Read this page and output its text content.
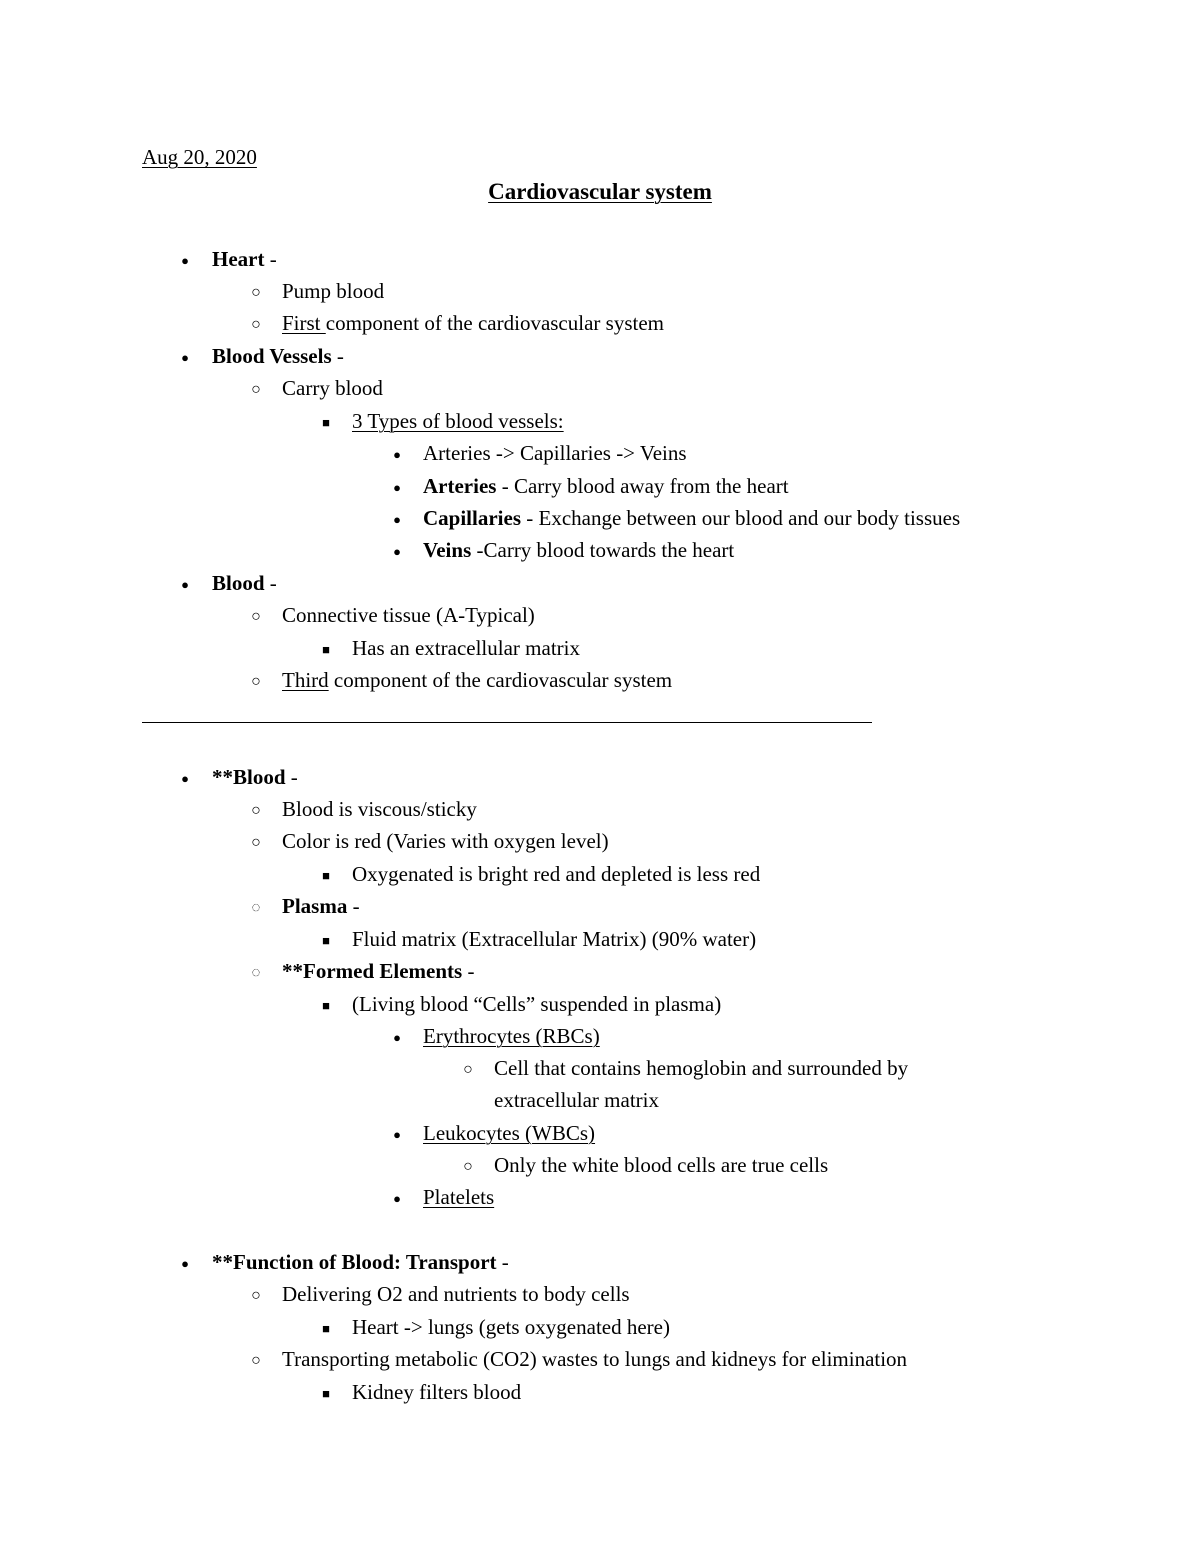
Aug 20, 2020
Cardiovascular system
●
Heart -
○
Pump blood
○
First component of the cardiovascular system
●
Blood Vessels -
○
Carry blood
■
3 Types of blood vessels:
●
Arteries -> Capillaries -> Veins
●
Arteries - Carry blood away from the heart
●
Capillaries - Exchange between our blood and our body tissues
●
Veins -Carry blood towards the heart
●
Blood -
○
Connective tissue (A-Typical)
■
Has an extracellular matrix
○
Third component of the cardiovascular system
●
**Blood -
○
Blood is viscous/sticky
○
Color is red (Varies with oxygen level)
■
Oxygenated is bright red and depleted is less red
◌
Plasma -
■
Fluid matrix (Extracellular Matrix) (90% water)
◌
**Formed Elements -
■
(Living blood “Cells” suspended in plasma)
●
Erythrocytes (RBCs)
○
Cell that contains hemoglobin and surrounded by
extracellular matrix
●
Leukocytes (WBCs)
○
Only the white blood cells are true cells
●
Platelets
●
**Function of Blood: Transport -
○
Delivering O2 and nutrients to body cells
■
Heart -> lungs (gets oxygenated here)
○
Transporting metabolic (CO2) wastes to lungs and kidneys for elimination
■
Kidney filters blood
